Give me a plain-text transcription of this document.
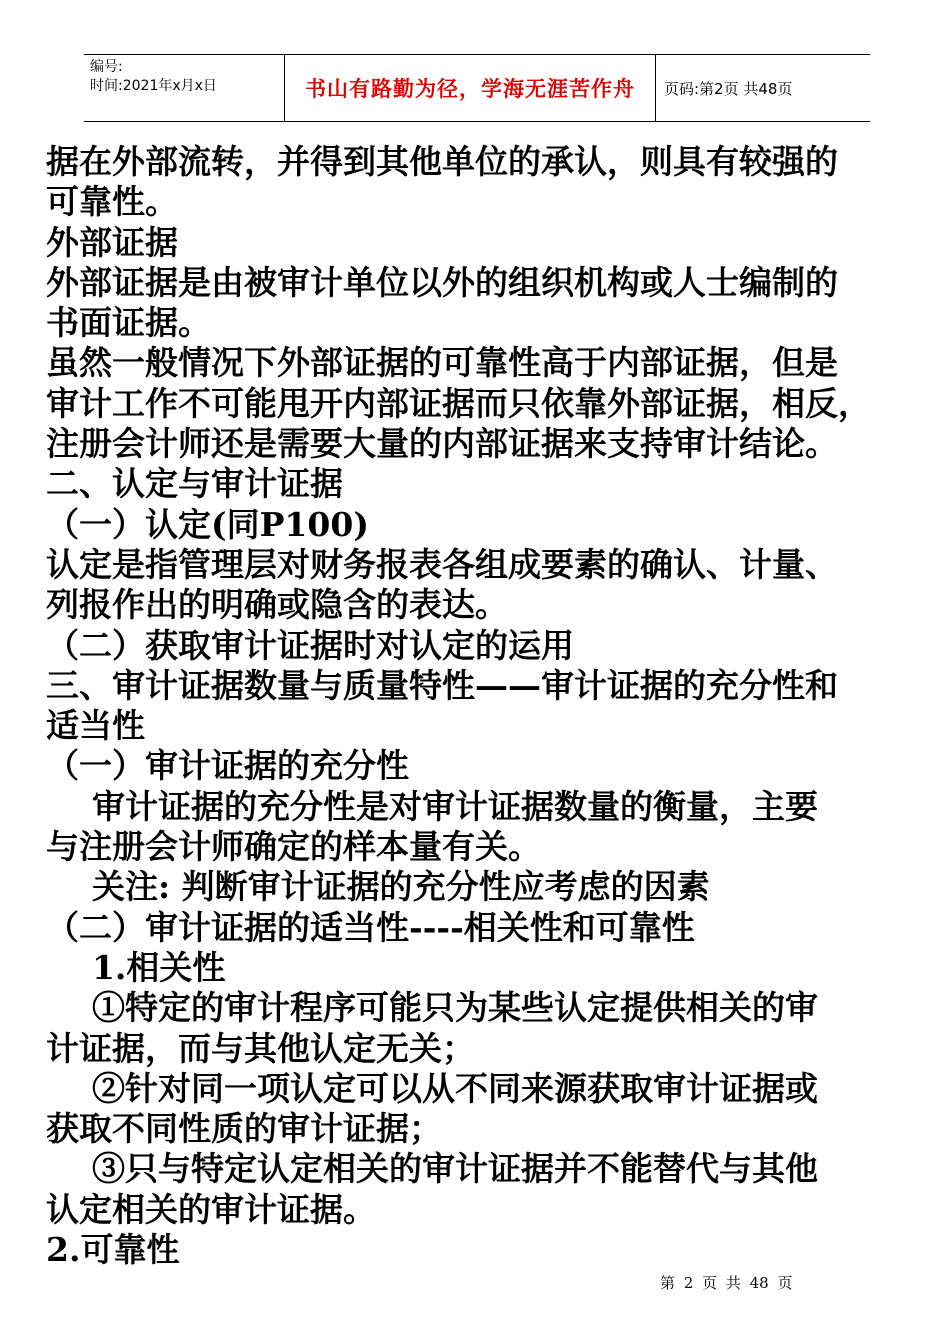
编号:
时间:2021年x月x日	书山有路勤为径，学海无涯苦作舟	页码:第2页 共48页

据在外部流转，并得到其他单位的承认，则具有较强的

可靠性。

外部证据

外部证据是由被审计单位以外的组织机构或人士编制的

书面证据。

虽然一般情况下外部证据的可靠性高于内部证据，但是

审计工作不可能甩开内部证据而只依靠外部证据，相反，

注册会计师还是需要大量的内部证据来支持审计结论。

二、认定与审计证据

（一）认定(同P100)

认定是指管理层对财务报表各组成要素的确认、计量、

列报作出的明确或隐含的表达。

（二）获取审计证据时对认定的运用

三、审计证据数量与质量特性——审计证据的充分性和

适当性

（一）审计证据的充分性

审计证据的充分性是对审计证据数量的衡量，主要

与注册会计师确定的样本量有关。

关注: 判断审计证据的充分性应考虑的因素

（二）审计证据的适当性----相关性和可靠性

1.相关性

①特定的审计程序可能只为某些认定提供相关的审

计证据，而与其他认定无关；

②针对同一项认定可以从不同来源获取审计证据或

获取不同性质的审计证据；

③只与特定认定相关的审计证据并不能替代与其他

认定相关的审计证据。

2.可靠性

第 2 页 共 48 页
